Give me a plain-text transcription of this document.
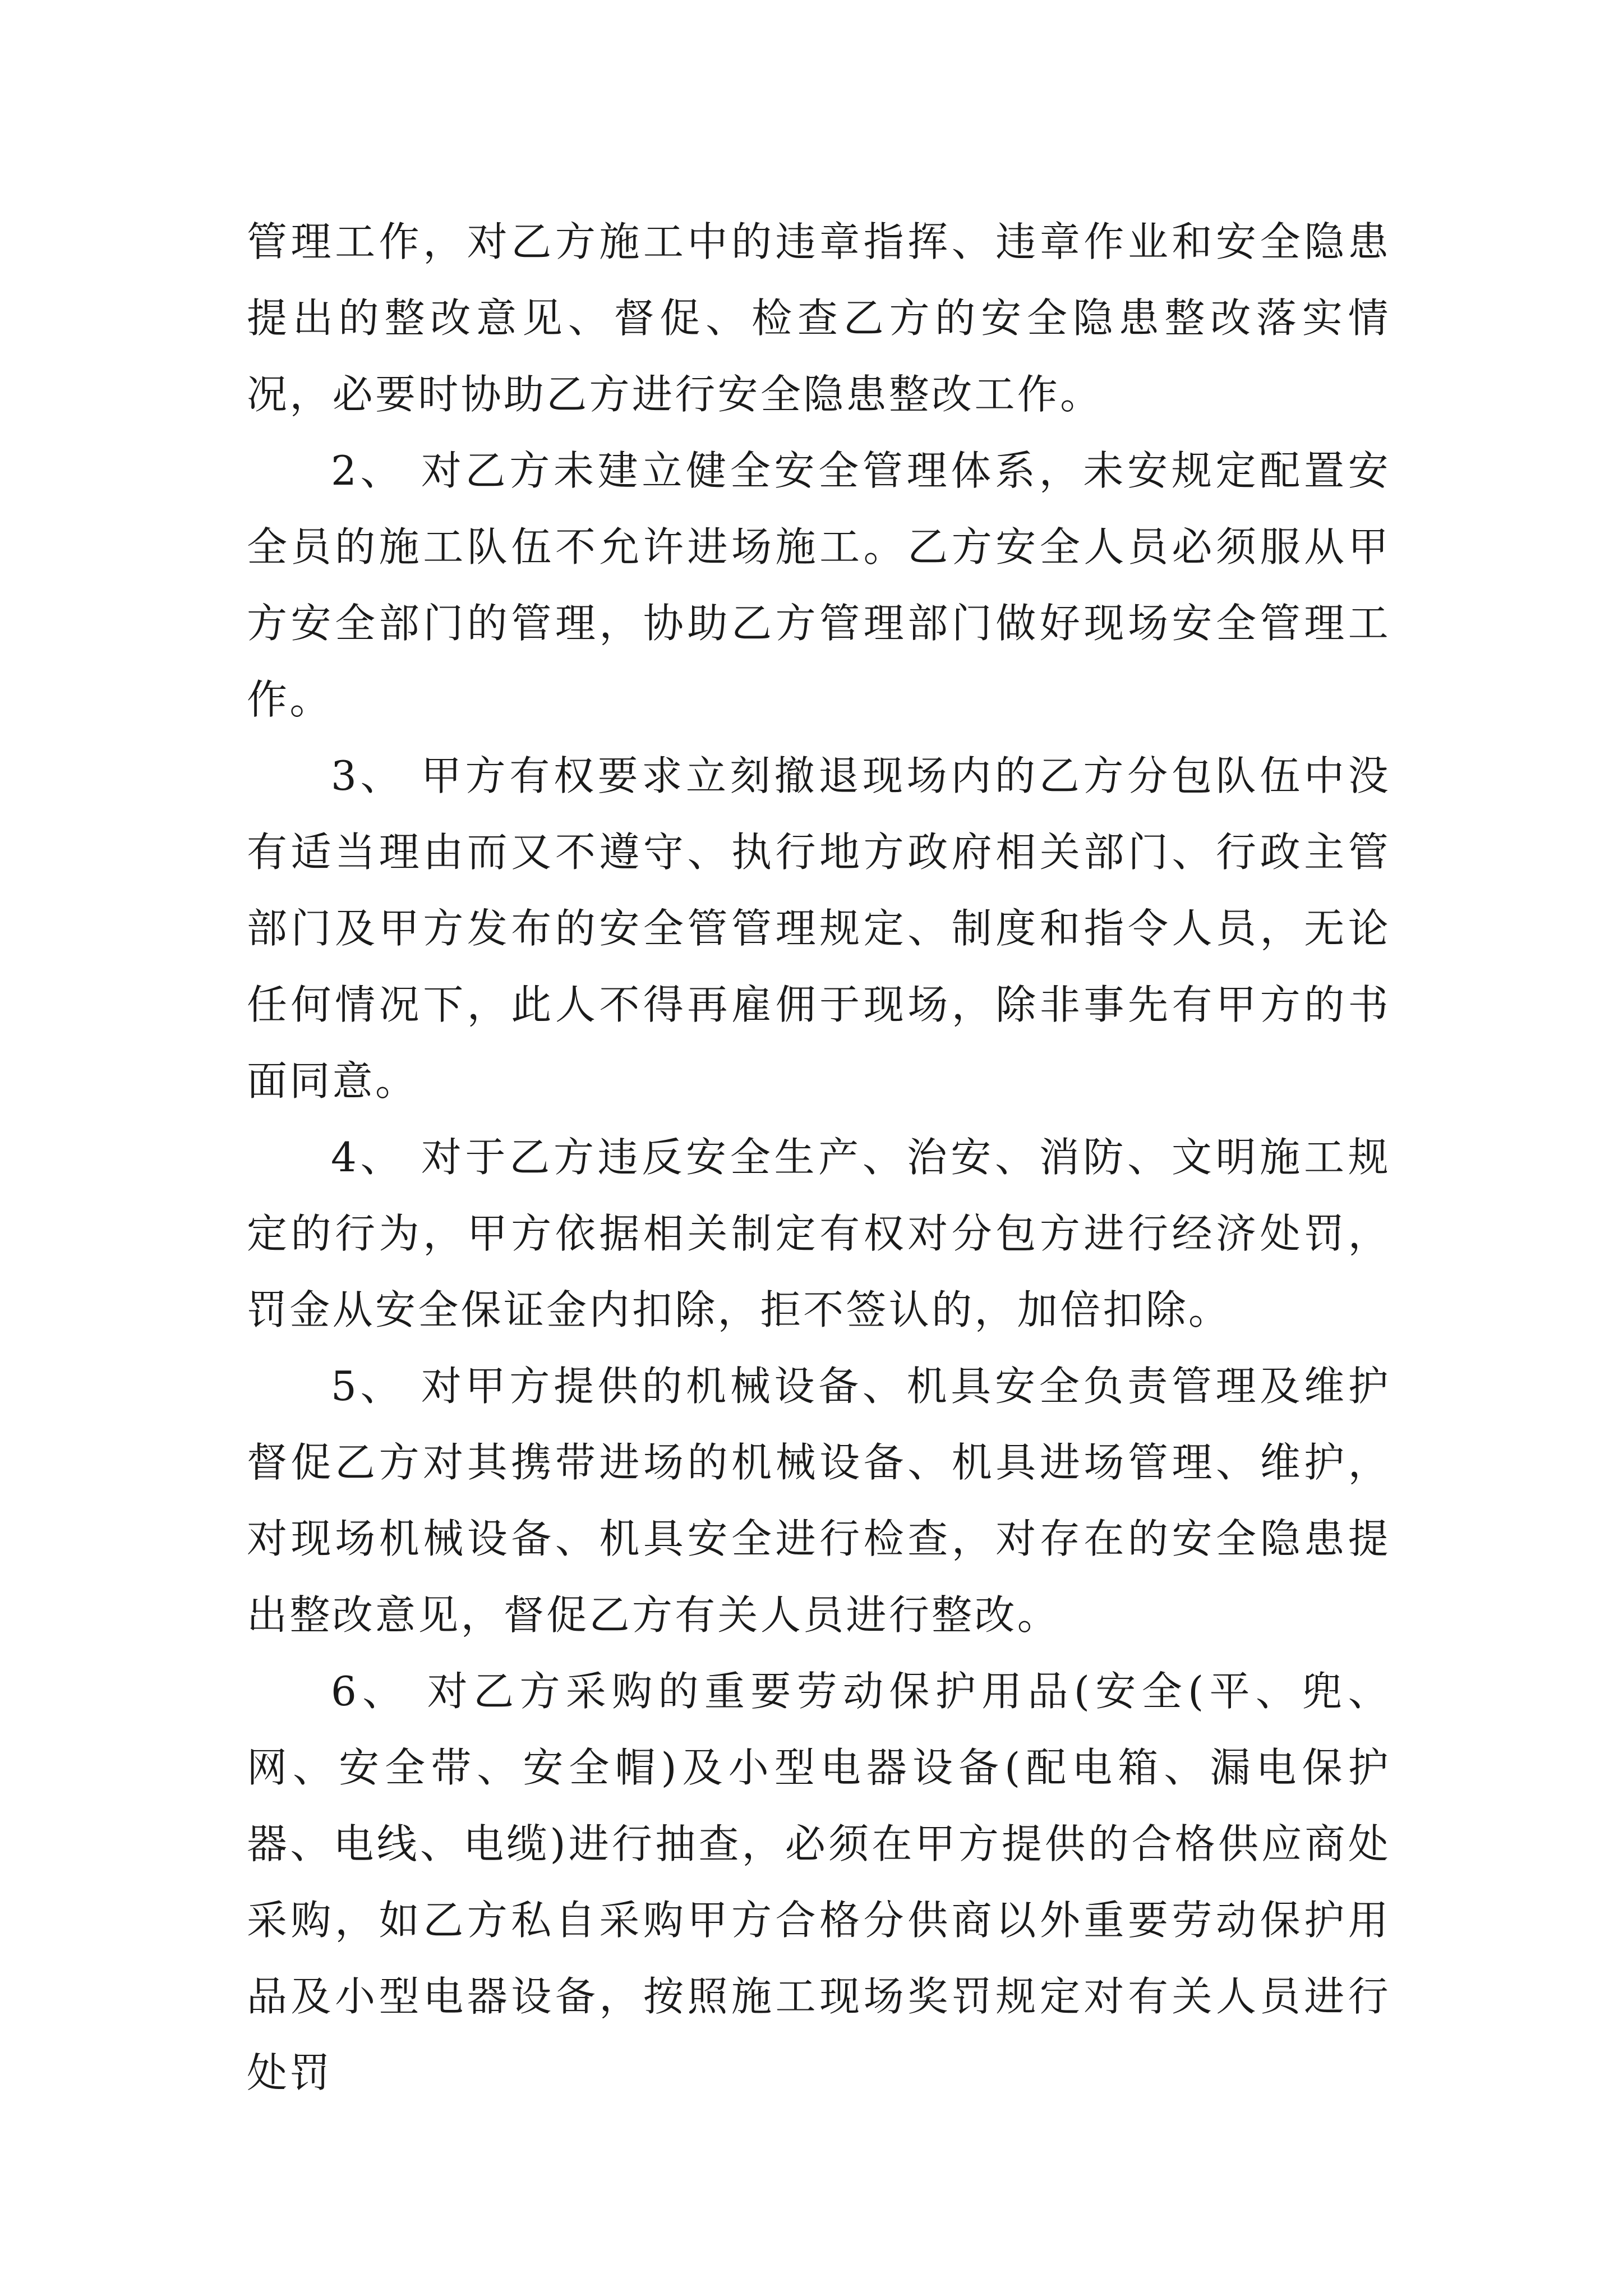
管理工作，对乙方施工中的违章指挥、违章作业和安全隐患提出的整改意见、督促、检查乙方的安全隐患整改落实情况，必要时协助乙方进行安全隐患整改工作。

2、 对乙方未建立健全安全管理体系，未安规定配置安全员的施工队伍不允许进场施工。乙方安全人员必须服从甲方安全部门的管理，协助乙方管理部门做好现场安全管理工作。

3、 甲方有权要求立刻撤退现场内的乙方分包队伍中没有适当理由而又不遵守、执行地方政府相关部门、行政主管部门及甲方发布的安全管管理规定、制度和指令人员，无论任何情况下，此人不得再雇佣于现场，除非事先有甲方的书面同意。

4、 对于乙方违反安全生产、治安、消防、文明施工规定的行为，甲方依据相关制定有权对分包方进行经济处罚，罚金从安全保证金内扣除，拒不签认的，加倍扣除。

5、 对甲方提供的机械设备、机具安全负责管理及维护督促乙方对其携带进场的机械设备、机具进场管理、维护，对现场机械设备、机具安全进行检查，对存在的安全隐患提出整改意见，督促乙方有关人员进行整改。

6、 对乙方采购的重要劳动保护用品(安全(平、兜、网、安全带、安全帽)及小型电器设备(配电箱、漏电保护器、电线、电缆)进行抽查，必须在甲方提供的合格供应商处采购，如乙方私自采购甲方合格分供商以外重要劳动保护用品及小型电器设备，按照施工现场奖罚规定对有关人员进行处罚
